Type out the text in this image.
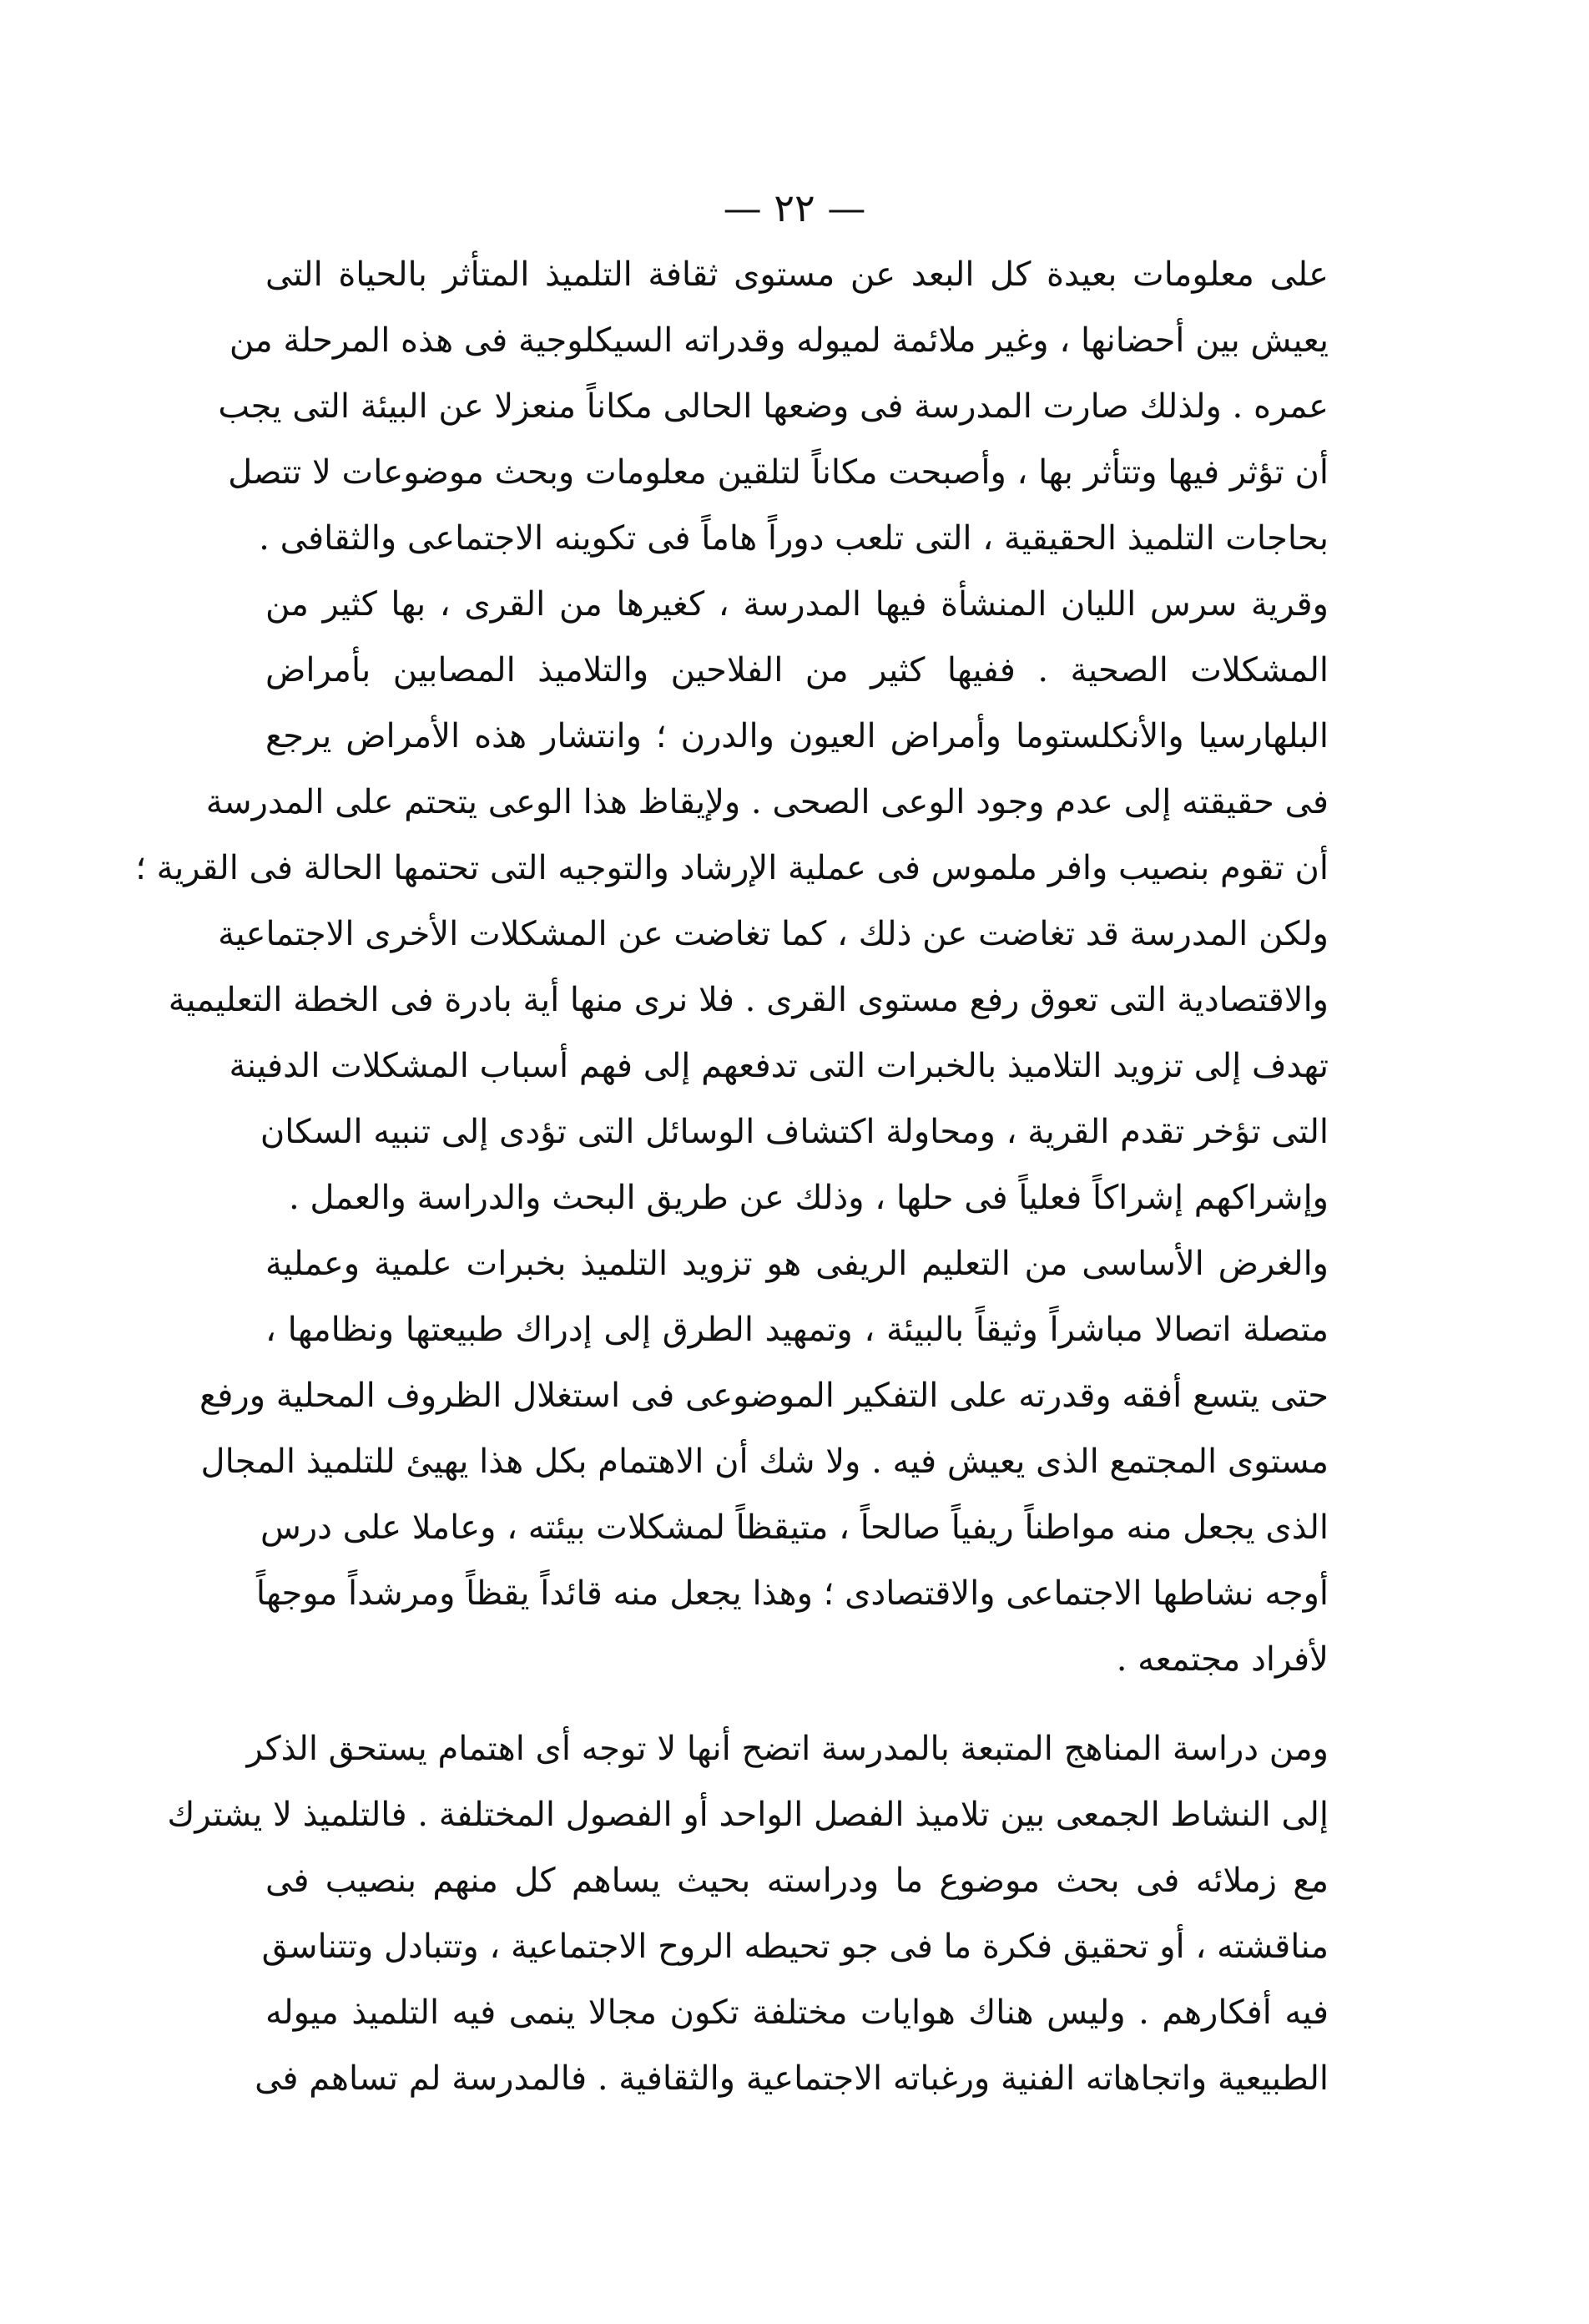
— ٢٢ —
على معلومات بعيدة كل البعد عن مستوى ثقافة التلميذ المتأثر بالحياة التى
يعيش بين أحضانها ، وغير ملائمة لميوله وقدراته السيكلوجية فى هذه المرحلة من
عمره . ولذلك صارت المدرسة فى وضعها الحالى مكاناً منعزلا عن البيئة التى يجب
أن تؤثر فيها وتتأثر بها ، وأصبحت مكاناً لتلقين معلومات وبحث موضوعات لا تتصل
بحاجات التلميذ الحقيقية ، التى تلعب دوراً هاماً فى تكوينه الاجتماعى والثقافى .
وقرية سرس الليان المنشأة فيها المدرسة ، كغيرها من القرى ، بها كثير من
المشكلات الصحية . ففيها كثير من الفلاحين والتلاميذ المصابين بأمراض
البلهارسيا والأنكلستوما وأمراض العيون والدرن ؛ وانتشار هذه الأمراض يرجع
فى حقيقته إلى عدم وجود الوعى الصحى . ولإيقاظ هذا الوعى يتحتم على المدرسة
أن تقوم بنصيب وافر ملموس فى عملية الإرشاد والتوجيه التى تحتمها الحالة فى القرية ؛
ولكن المدرسة قد تغاضت عن ذلك ، كما تغاضت عن المشكلات الأخرى الاجتماعية
والاقتصادية التى تعوق رفع مستوى القرى . فلا نرى منها أية بادرة فى الخطة التعليمية
تهدف إلى تزويد التلاميذ بالخبرات التى تدفعهم إلى فهم أسباب المشكلات الدفينة
التى تؤخر تقدم القرية ، ومحاولة اكتشاف الوسائل التى تؤدى إلى تنبيه السكان
وإشراكهم إشراكاً فعلياً فى حلها ، وذلك عن طريق البحث والدراسة والعمل .
والغرض الأساسى من التعليم الريفى هو تزويد التلميذ بخبرات علمية وعملية
متصلة اتصالا مباشراً وثيقاً بالبيئة ، وتمهيد الطرق إلى إدراك طبيعتها ونظامها ،
حتى يتسع أفقه وقدرته على التفكير الموضوعى فى استغلال الظروف المحلية ورفع
مستوى المجتمع الذى يعيش فيه . ولا شك أن الاهتمام بكل هذا يهيئ للتلميذ المجال
الذى يجعل منه مواطناً ريفياً صالحاً ، متيقظاً لمشكلات بيئته ، وعاملا على درس
أوجه نشاطها الاجتماعى والاقتصادى ؛ وهذا يجعل منه قائداً يقظاً ومرشداً موجهاً
لأفراد مجتمعه .
ومن دراسة المناهج المتبعة بالمدرسة اتضح أنها لا توجه أى اهتمام يستحق الذكر
إلى النشاط الجمعى بين تلاميذ الفصل الواحد أو الفصول المختلفة . فالتلميذ لا يشترك
مع زملائه فى بحث موضوع ما ودراسته بحيث يساهم كل منهم بنصيب فى
مناقشته ، أو تحقيق فكرة ما فى جو تحيطه الروح الاجتماعية ، وتتبادل وتتناسق
فيه أفكارهم . وليس هناك هوايات مختلفة تكون مجالا ينمى فيه التلميذ ميوله
الطبيعية واتجاهاته الفنية ورغباته الاجتماعية والثقافية . فالمدرسة لم تساهم فى
